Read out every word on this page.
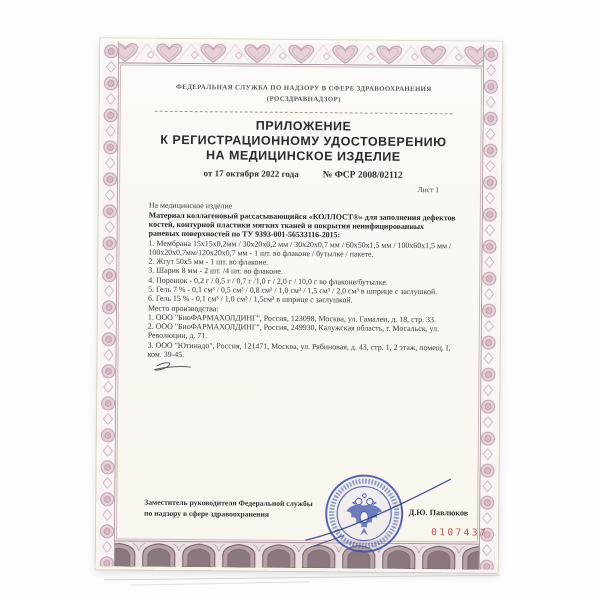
ФЕДЕРАЛЬНАЯ СЛУЖБА ПО НАДЗОРУ В СФЕРЕ ЗДРАВООХРАНЕНИЯ
(РОСЗДРАВНАДЗОР)
ПРИЛОЖЕНИЕ
К РЕГИСТРАЦИОННОМУ УДОСТОВЕРЕНИЮ
НА МЕДИЦИНСКОЕ ИЗДЕЛИЕ
от 17 октября 2022 года	№ ФСР 2008/02112
Лист 1
На медицинское изделие
Материал коллагеновый рассасывающийся «КОЛЛОСТ®» для заполнения дефектов костей, контурной пластики мягких тканей и покрытия неинфицированных раневых поверхностей по ТУ 9393-001-56533116-2015:
1. Мембрана 15х15х0,2мм / 30х20х0,2 мм / 30х20х0,7 мм / 60х50х1,5 мм / 100х60х1,5 мм / 100х20х0,7мм/120х20х0,7 мм - 1 шт. во флаконе / бутылке / пакете.
2. Жгут 50х5 мм - 1 шт. во флаконе.
3. Шарик 8 мм - 2 шт. /4 шт. во флаконе.
4. Порошок - 0,2 г / 0,5 г / 0,7 г /1,0 г / 2,0 г / 10,0 г во флаконе/бутылке.
5. Гель 7 % - 0,1 см³ / 0,5 см³ / 0,8 см³ / 1,0 см³ / 1,5 см³ / 2,0 см³ в шприце с заглушкой.
6. Гель 15 % - 0,1 см³ / 1,0 см³ / 1,5см³ в шприце с заглушкой.
Место производства:
1. ООО "БиоФАРМАХОЛДИНГ", Россия, 123098, Москва, ул. Гамалеи, д. 18, стр. 33.
2. ООО "БиоФАРМАХОЛДИНГ", Россия, 249930, Калужская область, г. Мосальск, ул. Революции, д. 71.
3. ООО "Ютинадо", Россия, 121471, Москва, ул. Рябиновая, д. 43, стр. 1, 2 этаж, помещ. I, ком. 39-45.
Заместитель руководителя Федеральной службы
по надзору в сфере здравоохранения	Д.Ю. Павлюков
0107437
